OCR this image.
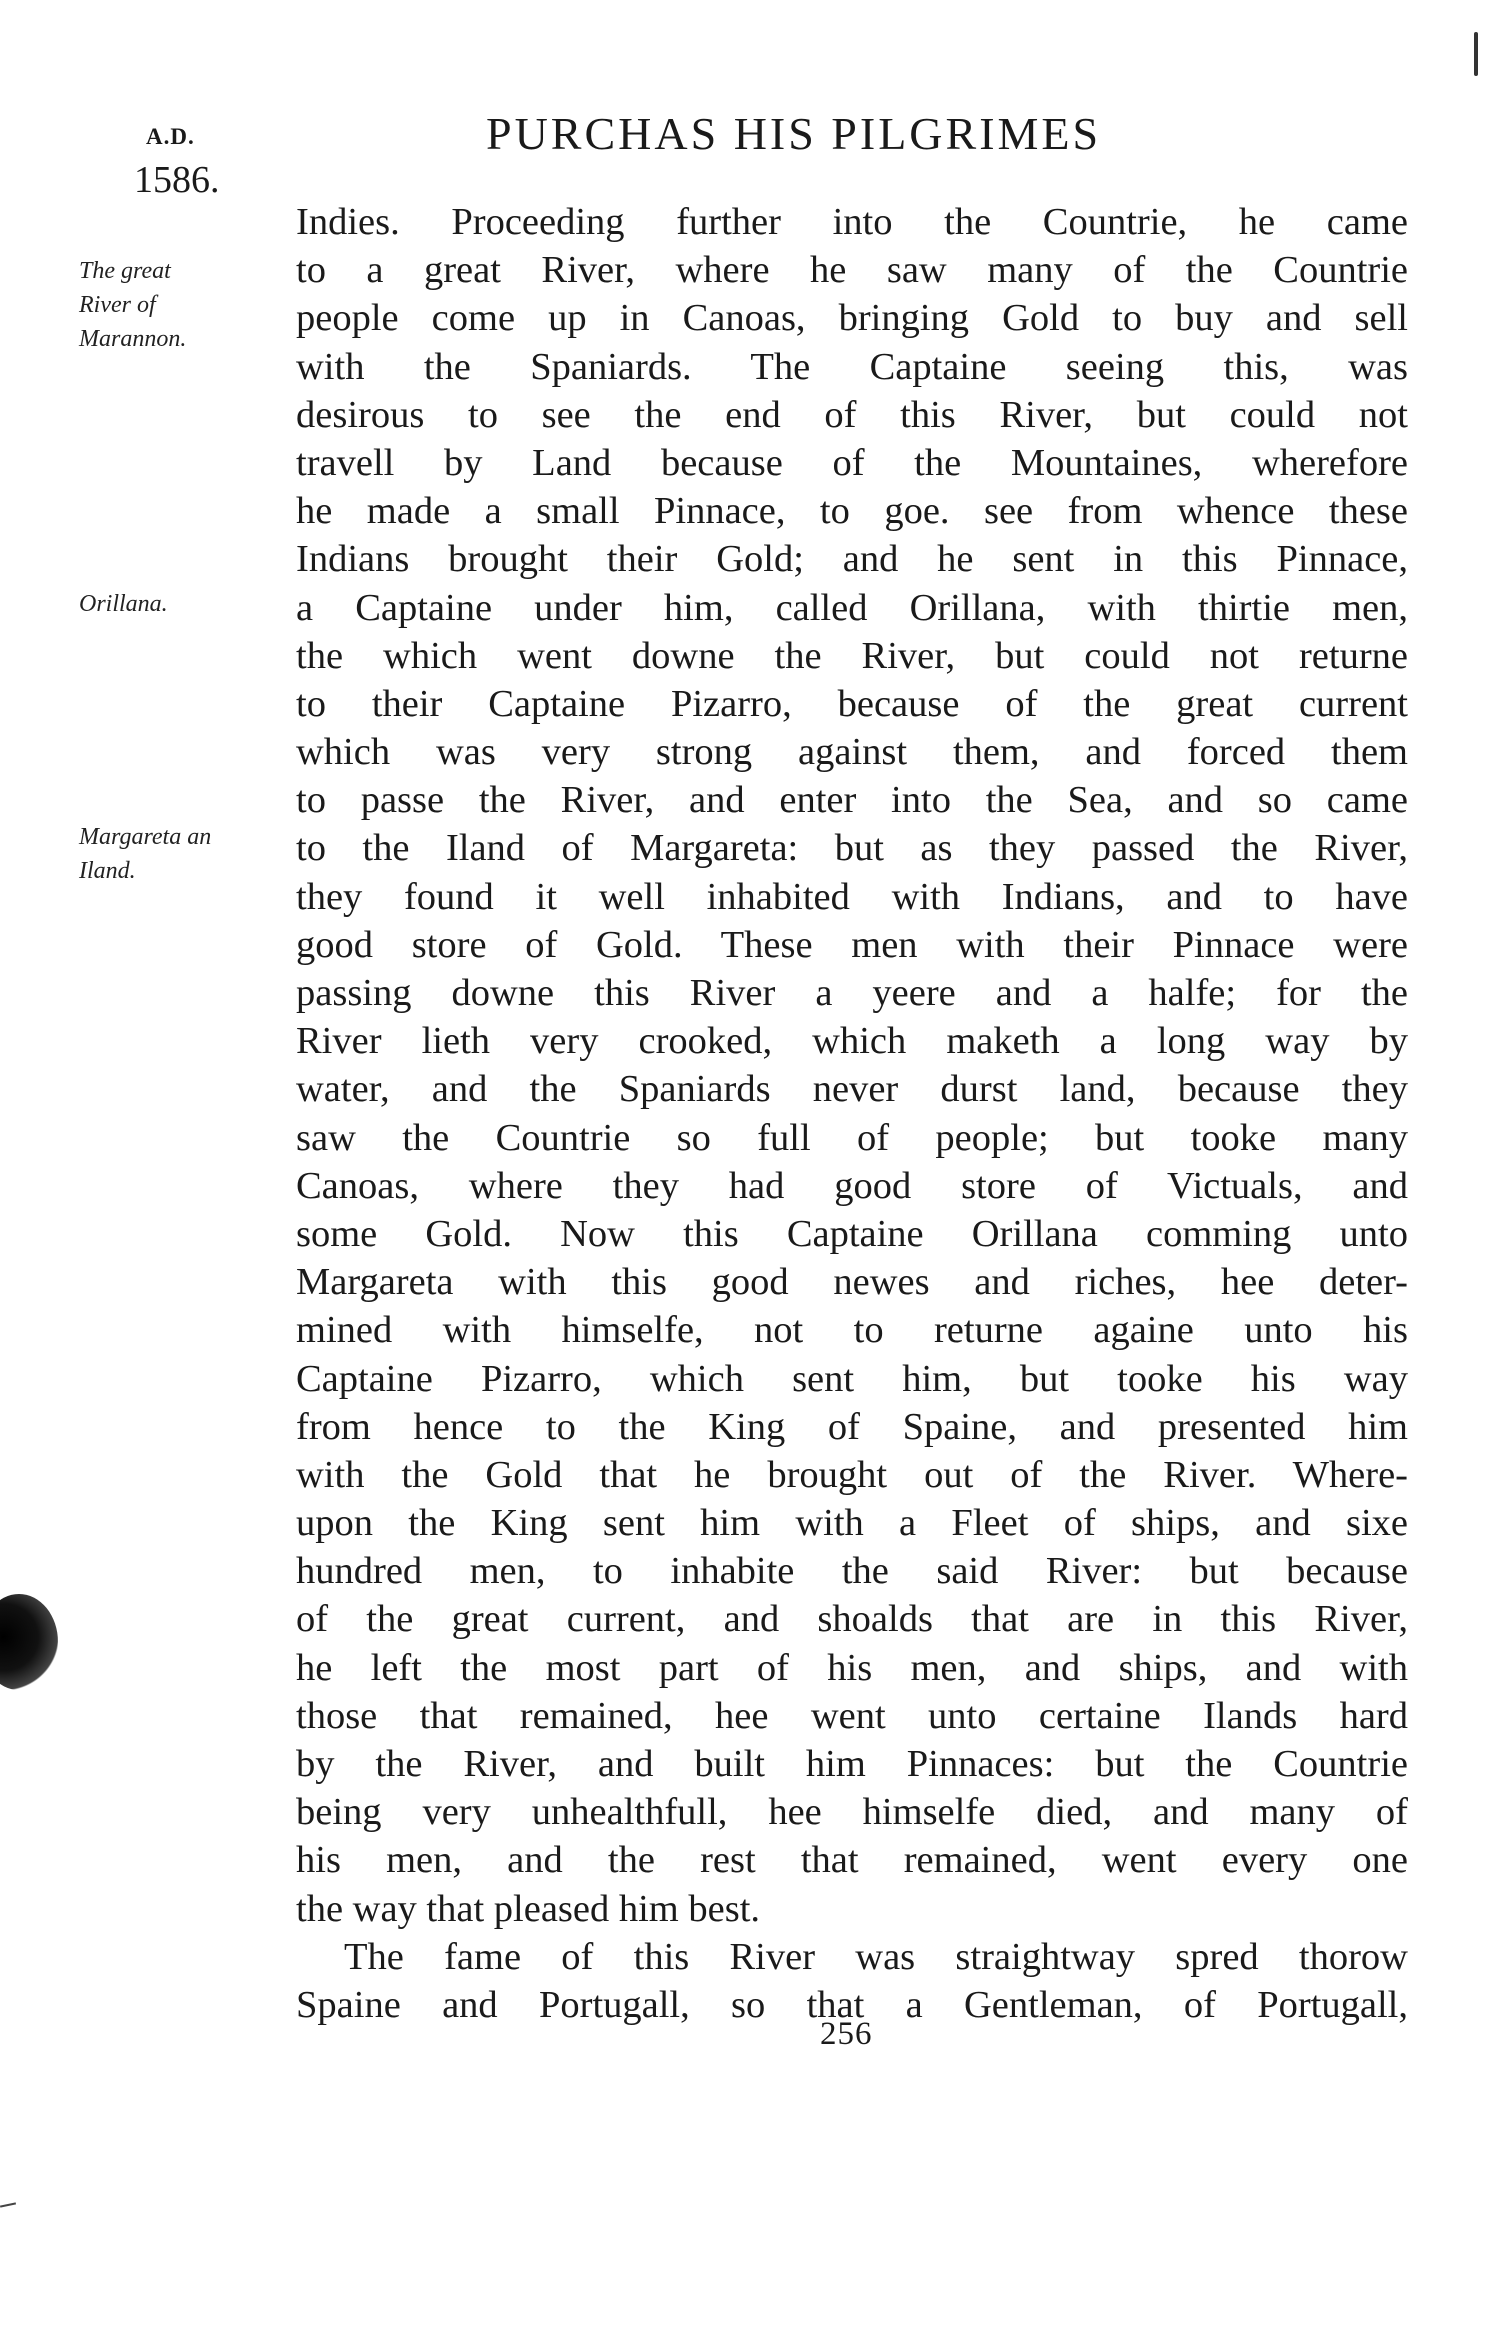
A.D.
1586.
PURCHAS HIS PILGRIMES
The great
River of
Marannon.
Orillana.
Margareta an
Iland.
Indies. Proceeding further into the Countrie, he came
to a great River, where he saw many of the Countrie
people come up in Canoas, bringing Gold to buy and sell
with the Spaniards. The Captaine seeing this, was
desirous to see the end of this River, but could not
travell by Land because of the Mountaines, wherefore
he made a small Pinnace, to goe. see from whence these
Indians brought their Gold; and he sent in this Pinnace,
a Captaine under him, called Orillana, with thirtie men,
the which went downe the River, but could not returne
to their Captaine Pizarro, because of the great current
which was very strong against them, and forced them
to passe the River, and enter into the Sea, and so came
to the Iland of Margareta: but as they passed the River,
they found it well inhabited with Indians, and to have
good store of Gold. These men with their Pinnace were
passing downe this River a yeere and a halfe; for the
River lieth very crooked, which maketh a long way by
water, and the Spaniards never durst land, because they
saw the Countrie so full of people; but tooke many
Canoas, where they had good store of Victuals, and
some Gold. Now this Captaine Orillana comming unto
Margareta with this good newes and riches, hee deter-
mined with himselfe, not to returne againe unto his
Captaine Pizarro, which sent him, but tooke his way
from hence to the King of Spaine, and presented him
with the Gold that he brought out of the River. Where-
upon the King sent him with a Fleet of ships, and sixe
hundred men, to inhabite the said River: but because
of the great current, and shoalds that are in this River,
he left the most part of his men, and ships, and with
those that remained, hee went unto certaine Ilands hard
by the River, and built him Pinnaces: but the Countrie
being very unhealthfull, hee himselfe died, and many of
his men, and the rest that remained, went every one
the way that pleased him best.
The fame of this River was straightway spred thorow
Spaine and Portugall, so that a Gentleman, of Portugall,
256
